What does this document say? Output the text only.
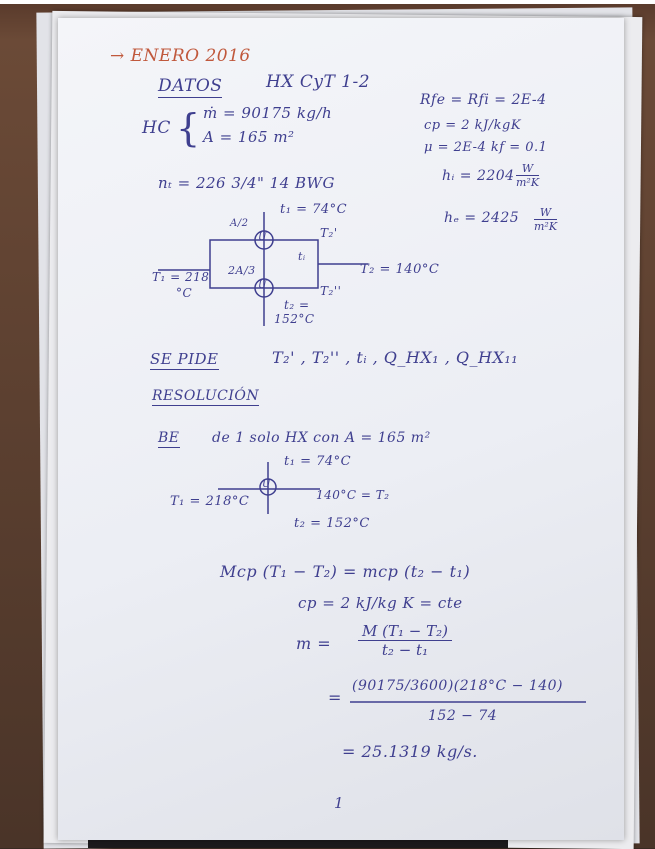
→ ENERO 2016
DATOS	HX CyT 1-2
HC { ṁ = 90175 kg/h
A = 165 m²
Rfe = Rfi = 2E-4
cp = 2 kJ/kgK
μ = 2E-4 kf = 0.1
nₜ = 226 3/4" 14 BWG	hᵢ = $2204 \frac{W}{\text{m²K}}$
$h_e = 2425 \frac{W}{\text{m²K}}$
t₁ = 74°C
A/2
U	T₂'
tᵢ
2A/3
U
T₁ = 218
°C
T₂ = 140°C
T₂''
t₂ =
152°C
SE PIDE	T₂' , T₂'' , tᵢ , Q_HX₁ , Q_HX₁₁
RESOLUCIÓN
BE de 1 solo HX con A = 165 m²
t₁ = 74°C
U
T₁ = 218°C	140°C = T₂
t₂ = 152°C
Mcp (T₁ − T₂) = mcp (t₂ − t₁)
cp = 2 kJ/kg K = cte
$m = \frac{\text{M (T₁ − T₂)}}{\text{t₂ − t₁}}$
=
(90175/3600)(218°C − 140)
152 − 74
= 25.1319 kg/s.
1
